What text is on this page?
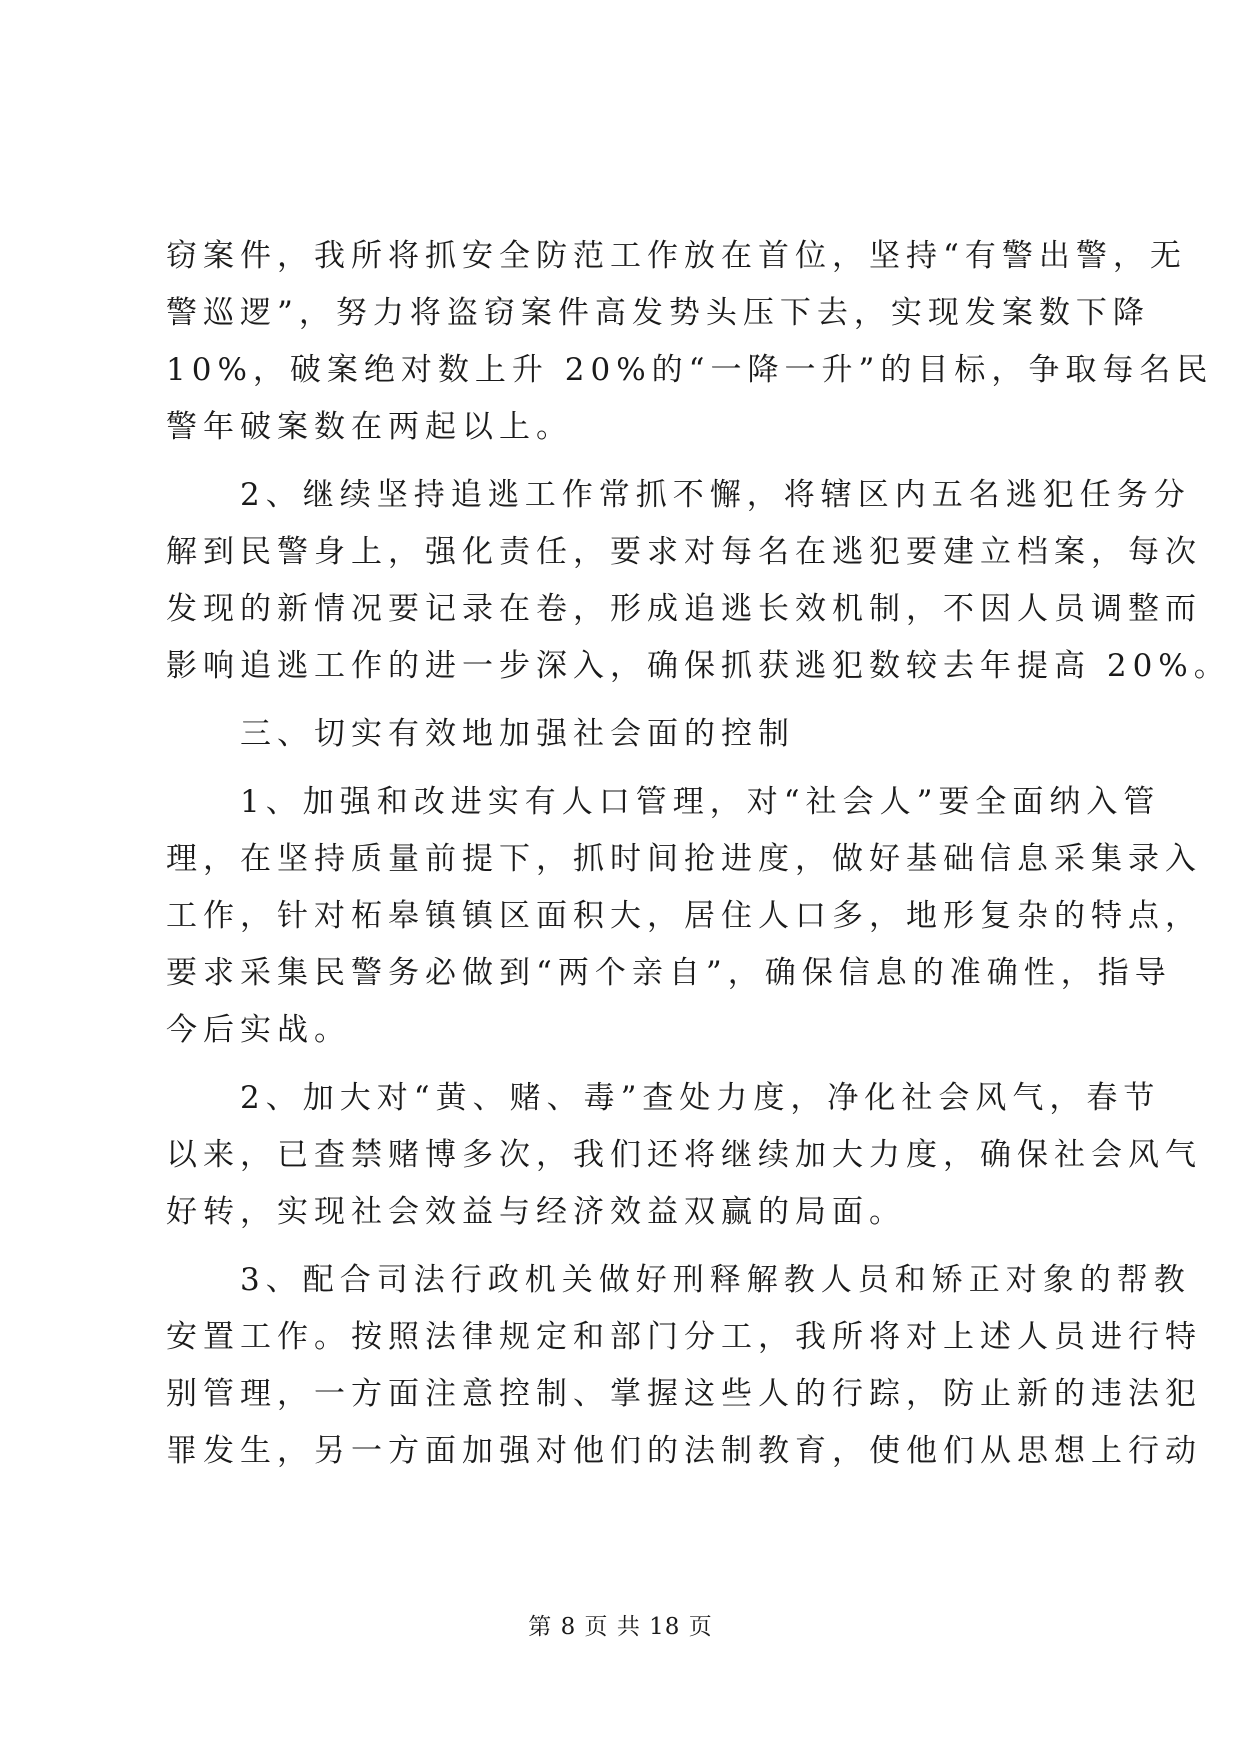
窃案件，我所将抓安全防范工作放在首位，坚持“有警出警，无
警巡逻”，努力将盗窃案件高发势头压下去，实现发案数下降
10%，破案绝对数上升 20%的“一降一升”的目标，争取每名民
警年破案数在两起以上。
　　2、继续坚持追逃工作常抓不懈，将辖区内五名逃犯任务分
解到民警身上，强化责任，要求对每名在逃犯要建立档案，每次
发现的新情况要记录在卷，形成追逃长效机制，不因人员调整而
影响追逃工作的进一步深入，确保抓获逃犯数较去年提高 20%。
　　三、切实有效地加强社会面的控制
　　1、加强和改进实有人口管理，对“社会人”要全面纳入管
理，在坚持质量前提下，抓时间抢进度，做好基础信息采集录入
工作，针对柘皋镇镇区面积大，居住人口多，地形复杂的特点，
要求采集民警务必做到“两个亲自”，确保信息的准确性，指导
今后实战。
　　2、加大对“黄、赌、毒”查处力度，净化社会风气，春节
以来，已查禁赌博多次，我们还将继续加大力度，确保社会风气
好转，实现社会效益与经济效益双赢的局面。
　　3、配合司法行政机关做好刑释解教人员和矫正对象的帮教
安置工作。按照法律规定和部门分工，我所将对上述人员进行特
别管理，一方面注意控制、掌握这些人的行踪，防止新的违法犯
罪发生，另一方面加强对他们的法制教育，使他们从思想上行动
第 8 页 共 18 页
